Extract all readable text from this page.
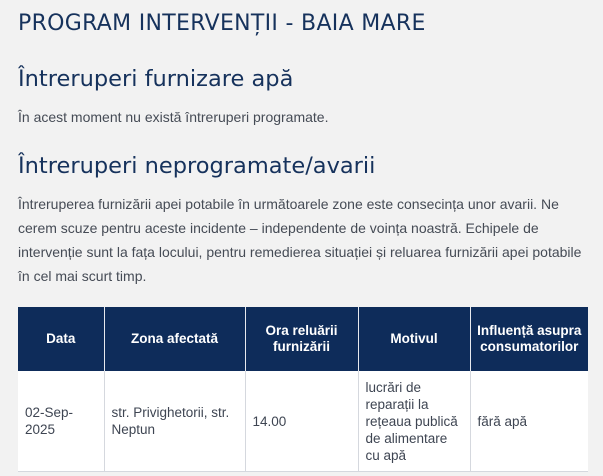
PROGRAM INTERVENȚII - BAIA MARE
Întreruperi furnizare apă

În acest moment nu există întreruperi programate.

Întreruperi neprogramate/avarii

Întreruperea furnizării apei potabile în următoarele zone este consecința unor avarii. Ne cerem scuze pentru aceste incidente – independente de voința noastră. Echipele de intervenție sunt la fața locului, pentru remedierea situației și reluarea furnizării apei potabile în cel mai scurt timp.

Data	Zona afectată	Ora reluării furnizării	Motivul	Influență asupra consumatorilor
02-Sep-2025	str. Privighetorii, str. Neptun	14.00	lucrări de reparații la rețeaua publică de alimentare cu apă	fără apă
